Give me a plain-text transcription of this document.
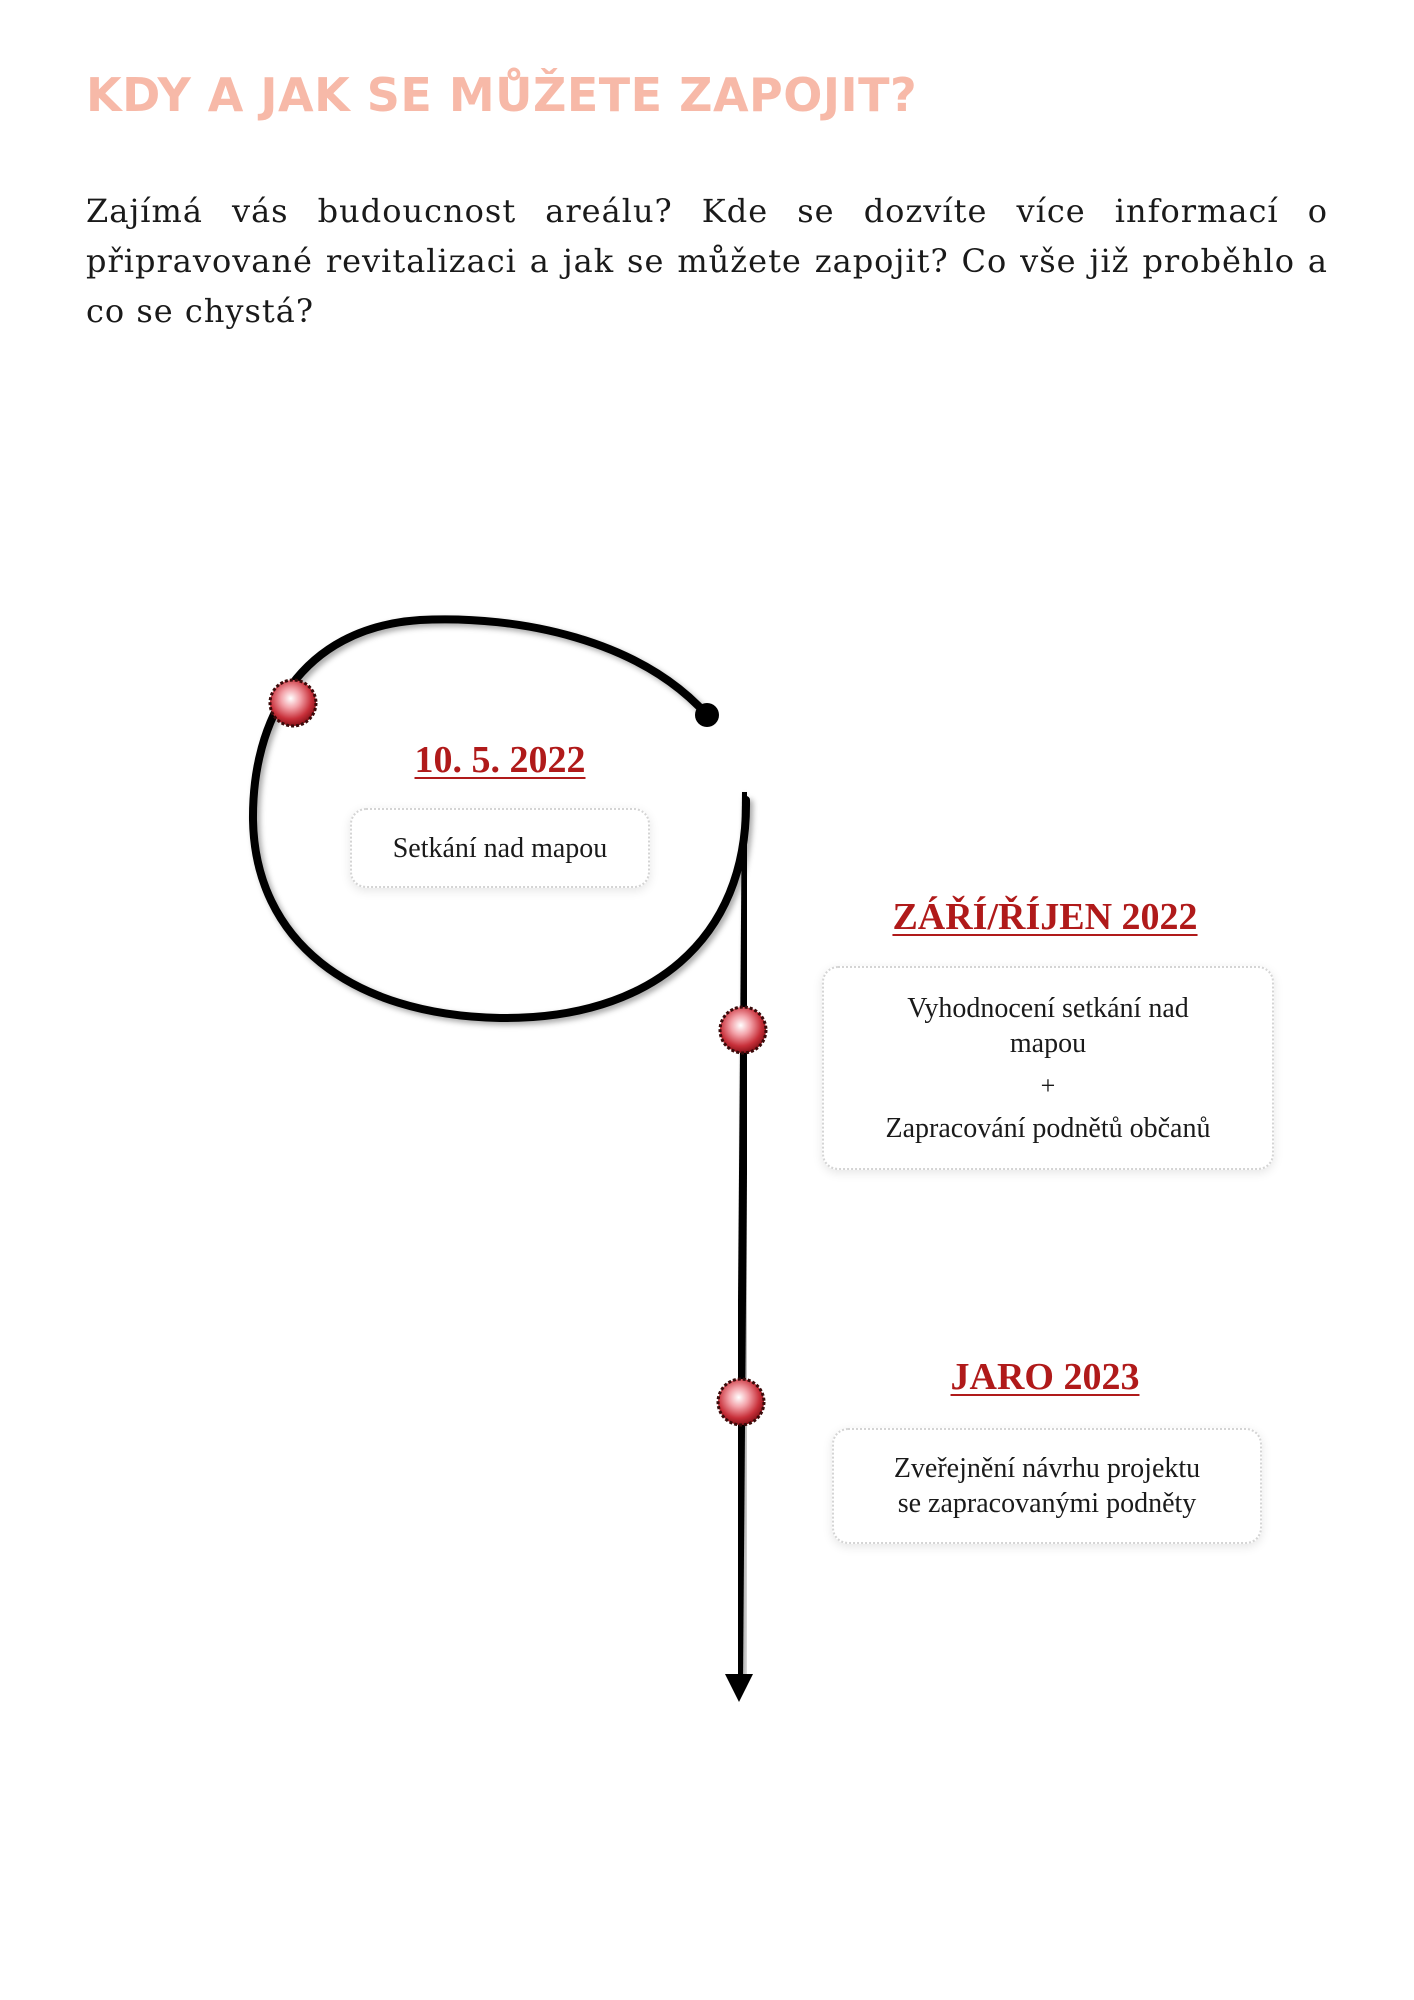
KDY A JAK SE MŮŽETE ZAPOJIT?

Zajímá vás budoucnost areálu? Kde se dozvíte více informací o připravované revitalizaci a jak se můžete zapojit? Co vše již proběhlo a co se chystá?

10. 5. 2022
Setkání nad mapou
ZÁŘÍ/ŘÍJEN 2022
Vyhodnocení setkání nad
mapou
+
Zapracování podnětů občanů
JARO 2023
Zveřejnění návrhu projektu
se zapracovanými podněty
